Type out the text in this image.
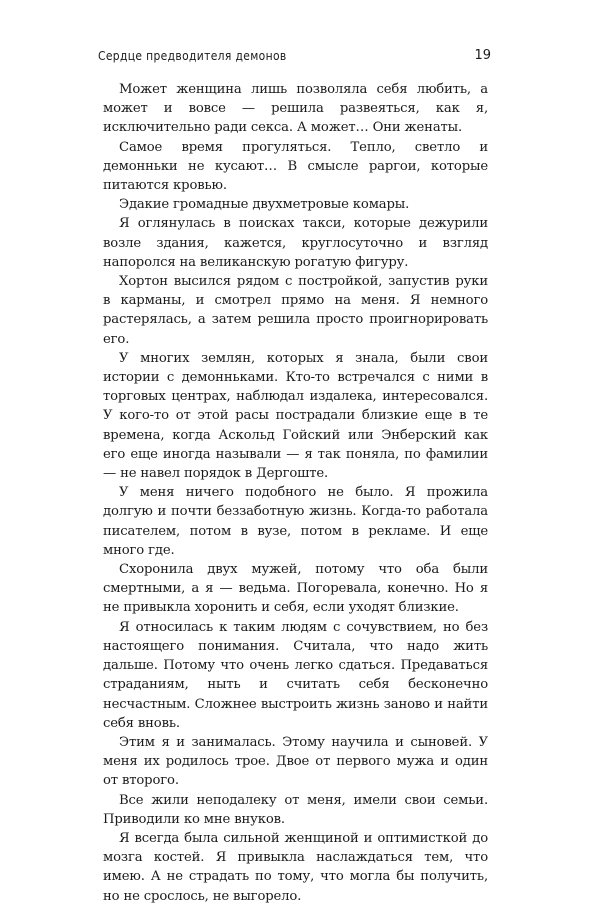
Сердце предводителя демонов	19

Может женщина лишь позволяла себя любить, а может и вовсе — решила развеяться, как я, исключительно ради секса. А может… Они женаты.

Самое время прогуляться. Тепло, светло и демонньки не кусают… В смысле раргои, которые питаются кровью.

Эдакие громадные двухметровые комары.

Я оглянулась в поисках такси, которые дежурили возле здания, кажется, круглосуточно и взгляд напоролся на великанскую рогатую фигуру.

Хортон высился рядом с постройкой, запустив руки в карманы, и смотрел прямо на меня. Я немного растерялась, а затем решила просто проигнорировать его.

У многих землян, которых я знала, были свои истории с демонньками. Кто-то встречался с ними в торговых центрах, наблюдал издалека, интересовался. У кого-то от этой расы пострадали близкие еще в те времена, когда Аскольд Гойский или Энберский как его еще иногда называли — я так поняла, по фамилии — не навел порядок в Дергоште.

У меня ничего подобного не было. Я прожила долгую и почти беззаботную жизнь. Когда-то работала писателем, потом в вузе, потом в рекламе. И еще много где.

Схоронила двух мужей, потому что оба были смертными, а я — ведьма. Погоревала, конечно. Но я не привыкла хоронить и себя, если уходят близкие.

Я относилась к таким людям с сочувствием, но без настоящего понимания. Считала, что надо жить дальше. Потому что очень легко сдаться. Предаваться страданиям, ныть и считать себя бесконечно несчастным. Сложнее выстроить жизнь заново и найти себя вновь.

Этим я и занималась. Этому научила и сыновей. У меня их родилось трое. Двое от первого мужа и один от второго.

Все жили неподалеку от меня, имели свои семьи. Приводили ко мне внуков.

Я всегда была сильной женщиной и оптимисткой до мозга костей. Я привыкла наслаждаться тем, что имею. А не страдать по тому, что могла бы получить, но не срослось, не выгорело.
